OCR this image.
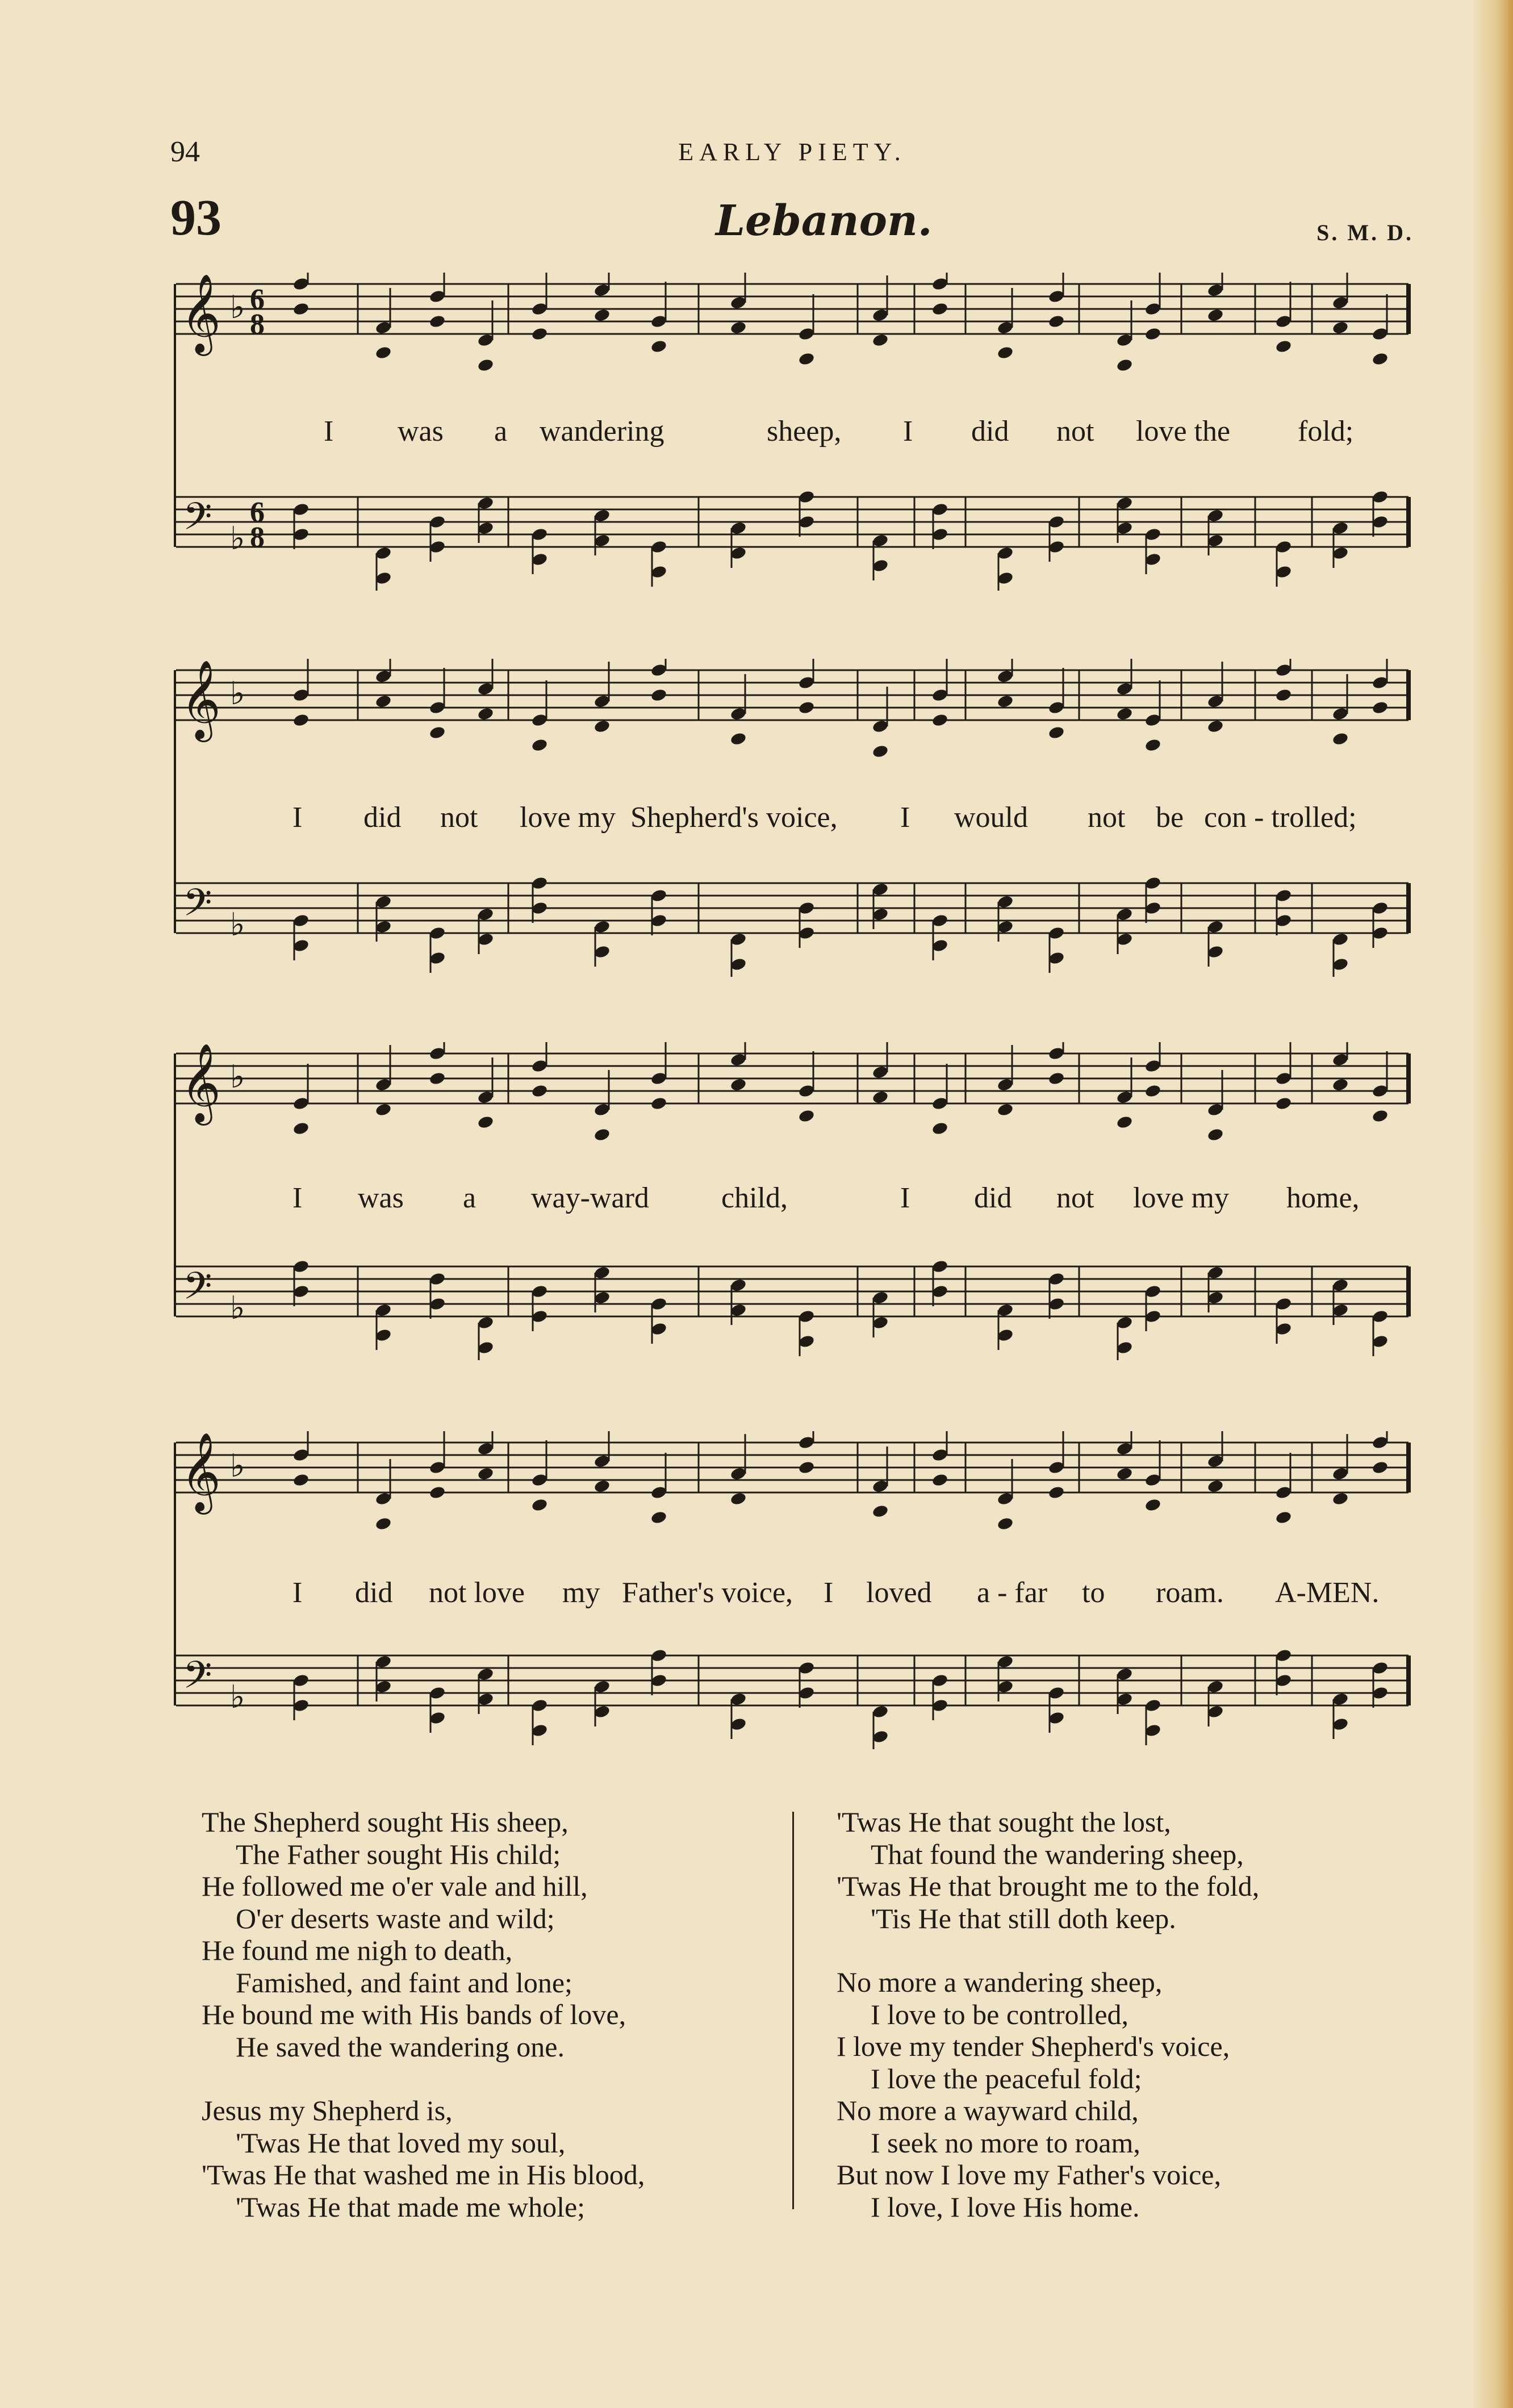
94	EARLY PIETY.
93	Lebanon.	S. M. D.
𝄞 ♭ 6
8
𝄢 ♭
6
8
I was a wandering	sheep, I did not love the fold;
𝄞 ♭
𝄢 ♭
I did not love my Shepherd's voice, I would not be con - trolled;
𝄞 ♭
𝄢 ♭
I was a way-ward child,	I did not love my home,
𝄞 ♭
𝄢 ♭
I did not love my Father's voice, I loved a - far to roam. A-MEN.
The Shepherd sought His sheep,
The Father sought His child;
He followed me o'er vale and hill,
O'er deserts waste and wild;
He found me nigh to death,
Famished, and faint and lone;
He bound me with His bands of love,
He saved the wandering one.
Jesus my Shepherd is,
'Twas He that loved my soul,
'Twas He that washed me in His blood,
'Twas He that made me whole;
'Twas He that sought the lost,
That found the wandering sheep,
'Twas He that brought me to the fold,
'Tis He that still doth keep.
No more a wandering sheep,
I love to be controlled,
I love my tender Shepherd's voice,
I love the peaceful fold;
No more a wayward child,
I seek no more to roam,
But now I love my Father's voice,
I love, I love His home.
